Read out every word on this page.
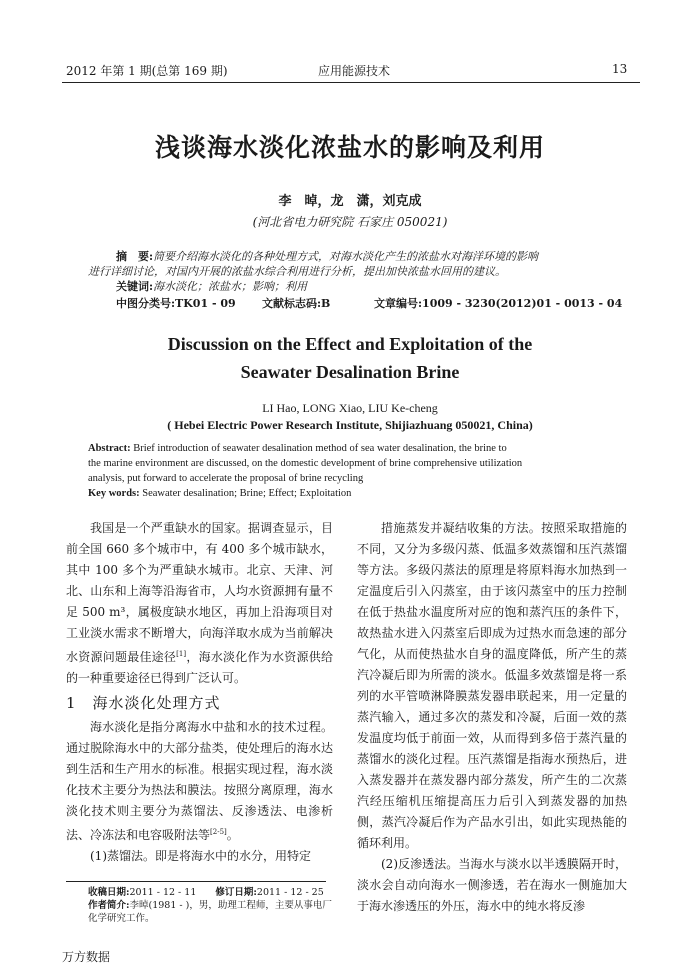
2012 年第 1 期(总第 169 期)	应用能源技术	13
浅谈海水淡化浓盐水的影响及利用
李　晫，龙　潇，刘克成
(河北省电力研究院 石家庄 050021)
摘　要:简要介绍海水淡化的各种处理方式，对海水淡化产生的浓盐水对海洋环境的影响
进行详细讨论，对国内开展的浓盐水综合利用进行分析，提出加快浓盐水回用的建议。
关键词:海水淡化；浓盐水；影响；利用
中图分类号:TK01 - 09 文献标志码:B	文章编号:1009 - 3230(2012)01 - 0013 - 04
Discussion on the Effect and Exploitation of the
Seawater Desalination Brine
LI Hao, LONG Xiao, LIU Ke-cheng
( Hebei Electric Power Research Institute, Shijiazhuang 050021, China)
Abstract: Brief introduction of seawater desalination method of sea water desalination, the brine to
the marine environment are discussed, on the domestic development of brine comprehensive utilization
analysis, put forward to accelerate the proposal of brine recycling
Key words: Seawater desalination; Brine; Effect; Exploitation

我国是一个严重缺水的国家。据调查显示，目前全国 660 多个城市中，有 400 多个城市缺水，其中 100 多个为严重缺水城市。北京、天津、河北、山东和上海等沿海省市，人均水资源拥有量不足 500 m³，属极度缺水地区，再加上沿海项目对工业淡水需求不断增大，向海洋取水成为当前解决水资源问题最佳途径[1]，海水淡化作为水资源供给的一种重要途径已得到广泛认可。

1　海水淡化处理方式

海水淡化是指分离海水中盐和水的技术过程。通过脱除海水中的大部分盐类，使处理后的海水达到生活和生产用水的标准。根据实现过程，海水淡化技术主要分为热法和膜法。按照分离原理，海水淡化技术则主要分为蒸馏法、反渗透法、电渗析法、冷冻法和电容吸附法等[2-5]。

(1)蒸馏法。即是将海水中的水分，用特定

收稿日期:2011 - 12 - 11　　 修订日期:2011 - 12 - 25
作者简介:李晫(1981 - )，男，助理工程师，主要从事电厂化学研究工作。

措施蒸发并凝结收集的方法。按照采取措施的不同，又分为多级闪蒸、低温多效蒸馏和压汽蒸馏等方法。多级闪蒸法的原理是将原料海水加热到一定温度后引入闪蒸室，由于该闪蒸室中的压力控制在低于热盐水温度所对应的饱和蒸汽压的条件下，故热盐水进入闪蒸室后即成为过热水而急速的部分气化，从而使热盐水自身的温度降低，所产生的蒸汽冷凝后即为所需的淡水。低温多效蒸馏是将一系列的水平管喷淋降膜蒸发器串联起来，用一定量的蒸汽输入，通过多次的蒸发和冷凝，后面一效的蒸发温度均低于前面一效，从而得到多倍于蒸汽量的蒸馏水的淡化过程。压汽蒸馏是指海水预热后，进入蒸发器并在蒸发器内部分蒸发，所产生的二次蒸汽经压缩机压缩提高压力后引入到蒸发器的加热侧，蒸汽冷凝后作为产品水引出，如此实现热能的循环利用。

(2)反渗透法。当海水与淡水以半透膜隔开时，淡水会自动向海水一侧渗透，若在海水一侧施加大于海水渗透压的外压，海水中的纯水将反渗

万方数据
